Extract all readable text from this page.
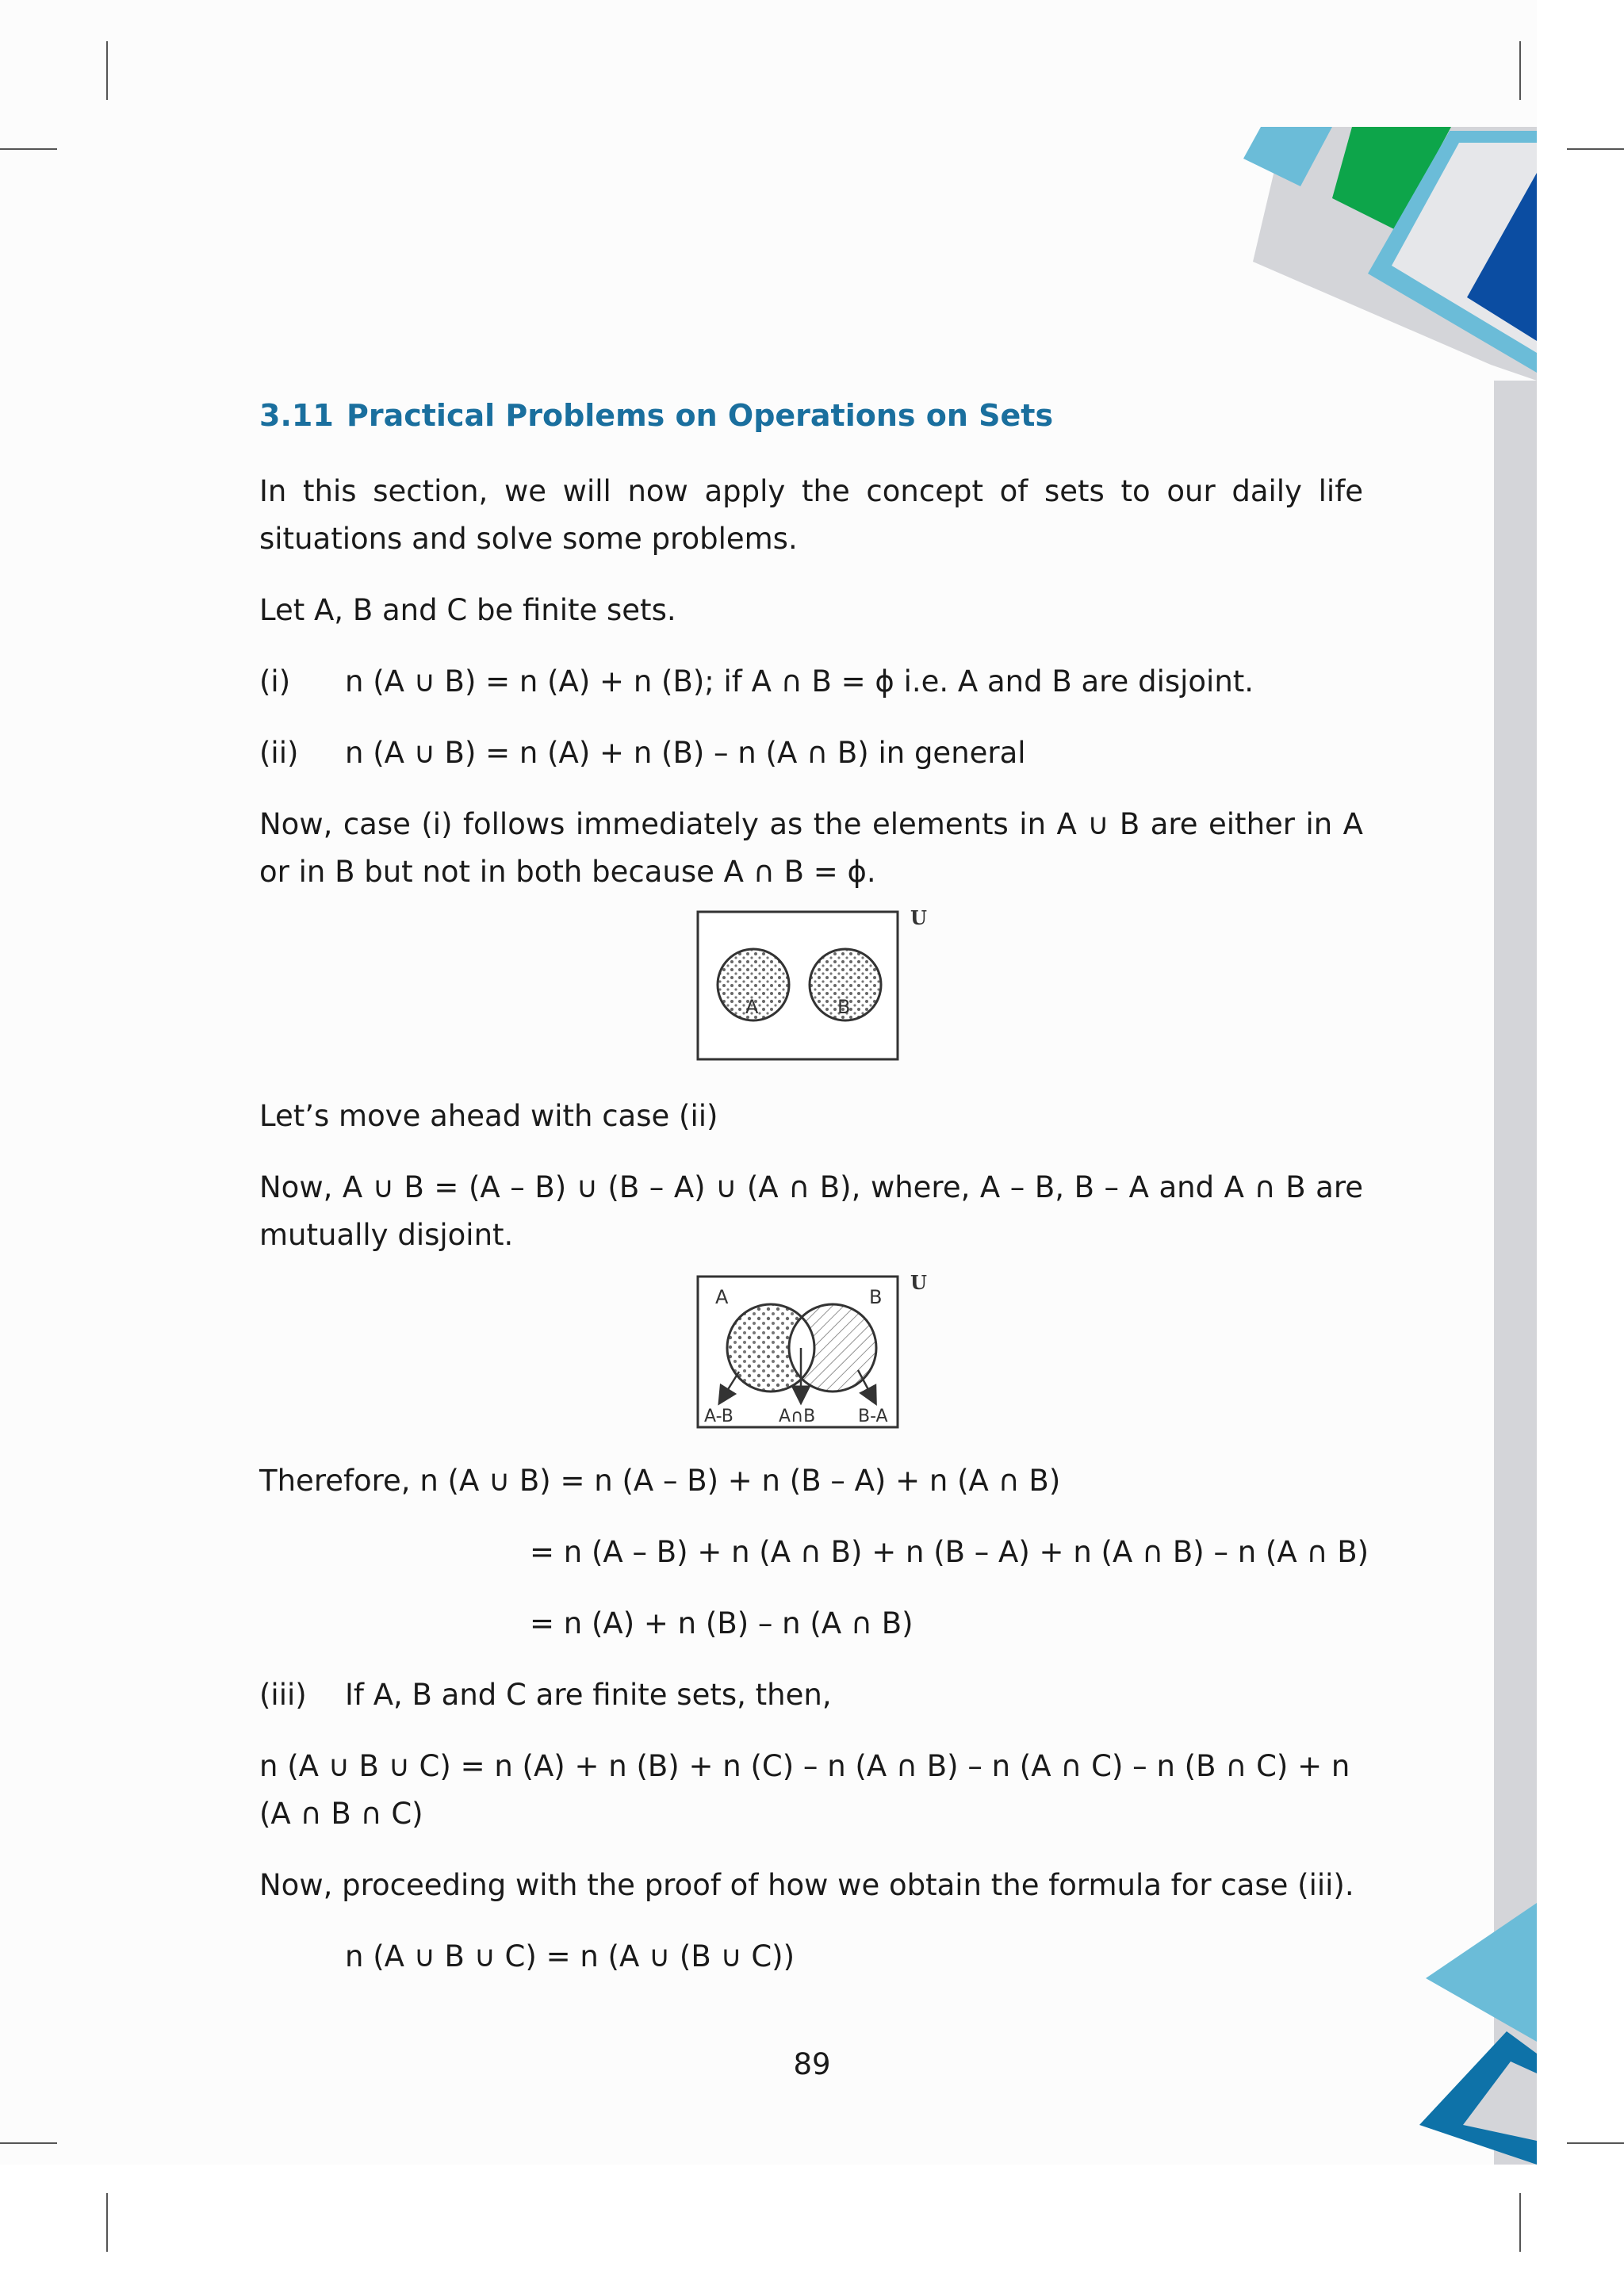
3.11 Practical Problems on Operations on Sets
In this section, we will now apply the concept of sets to our daily life situations and solve some problems.
Let A, B and C be finite sets.
(i) n (A ∪ B) = n (A) + n (B); if A ∩ B = ϕ i.e. A and B are disjoint.
(ii) n (A ∪ B) = n (A) + n (B) – n (A ∩ B) in general
Now, case (i) follows immediately as the elements in A ∪ B are either in A or in B but not in both because A ∩ B = ϕ.
U
A	B
Let’s move ahead with case (ii)
Now, A ∪ B = (A – B) ∪ (B – A) ∪ (A ∩ B), where, A – B, B – A and A ∩ B are mutually disjoint.
U
A	B
A-B	A∩B B-A
Therefore, n (A ∪ B) = n (A – B) + n (B – A) + n (A ∩ B)
= n (A – B) + n (A ∩ B) + n (B – A) + n (A ∩ B) – n (A ∩ B)
= n (A) + n (B) – n (A ∩ B)
(iii) If A, B and C are finite sets, then,
n (A ∪ B ∪ C) = n (A) + n (B) + n (C) – n (A ∩ B) – n (A ∩ C) – n (B ∩ C) + n (A ∩ B ∩ C)
Now, proceeding with the proof of how we obtain the formula for case (iii).
n (A ∪ B ∪ C) = n (A ∪ (B ∪ C))
89
